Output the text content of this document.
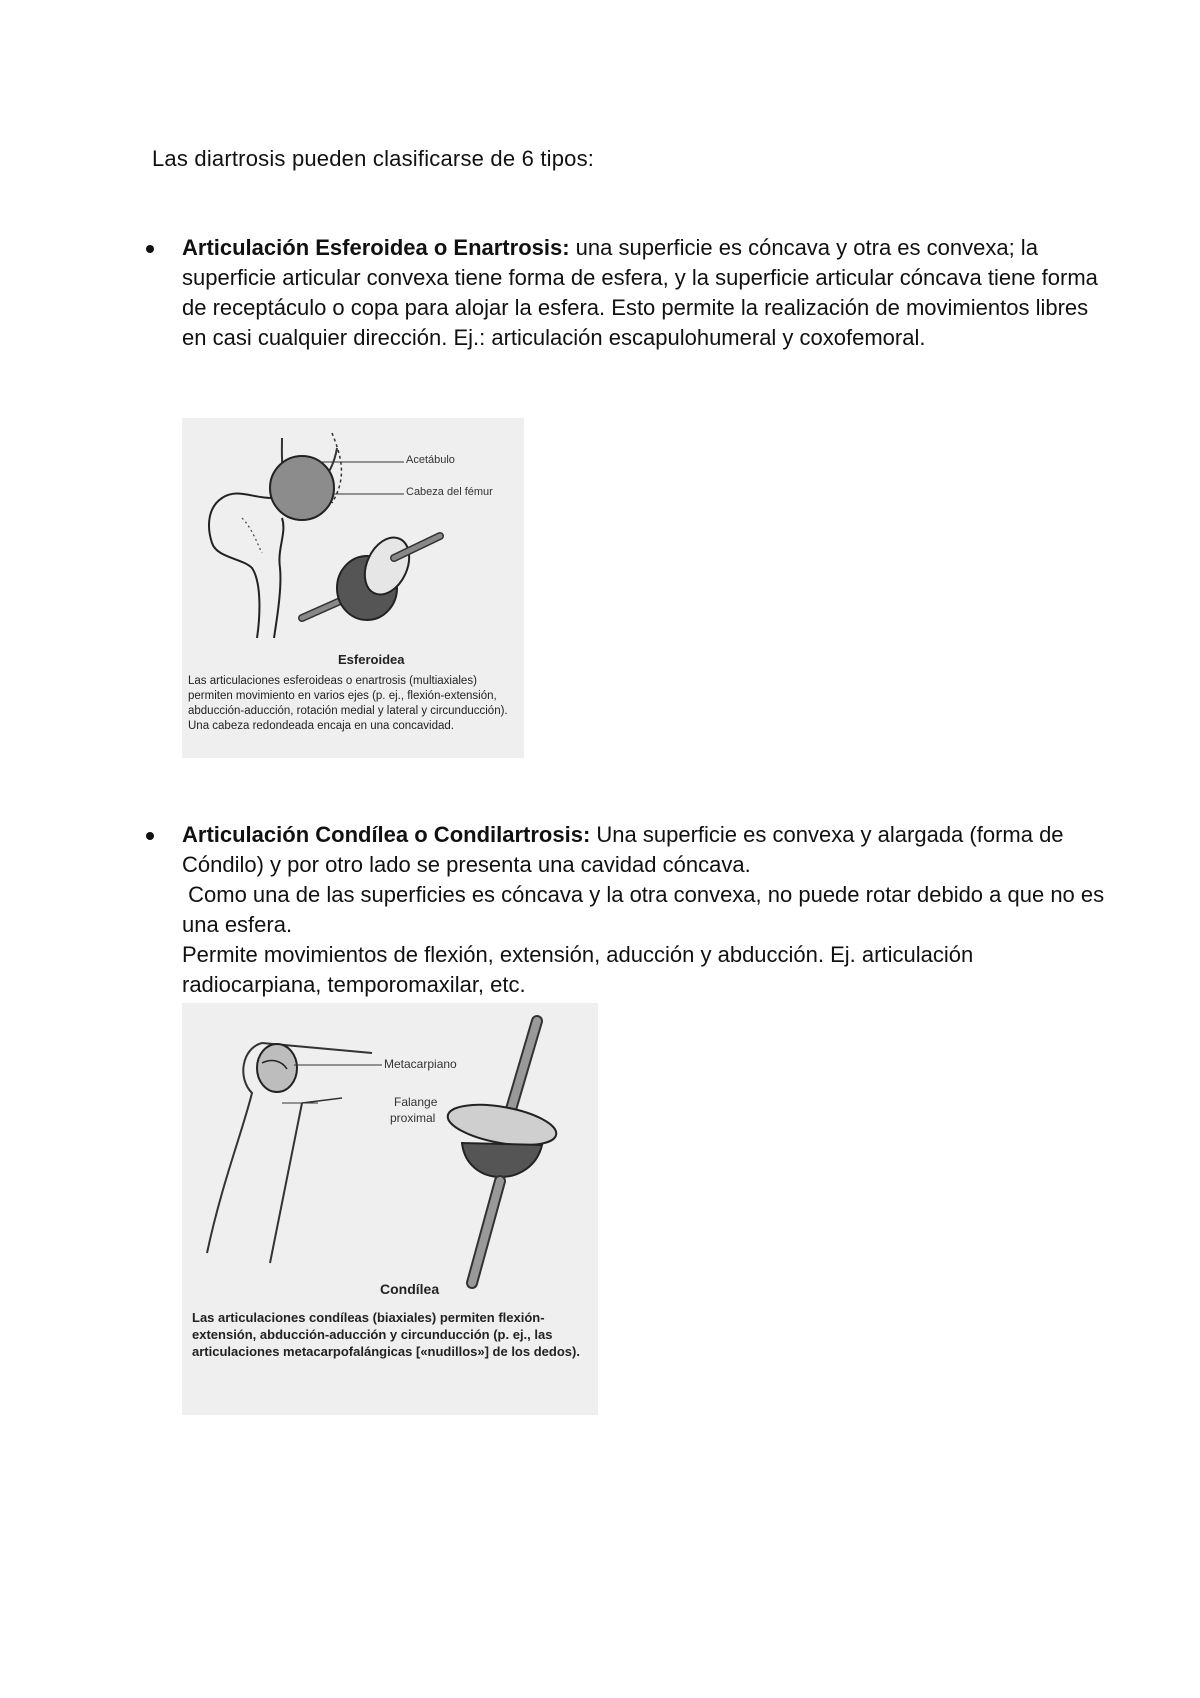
Las diartrosis pueden clasificarse de 6 tipos:

Articulación Esferoidea o Enartrosis: una superficie es cóncava y otra es convexa; la superficie articular convexa tiene forma de esfera, y la superficie articular cóncava tiene forma de receptáculo o copa para alojar la esfera. Esto permite la realización de movimientos libres en casi cualquier dirección. Ej.: articulación escapulohumeral y coxofemoral.

Acetábulo
Cabeza del fémur
Esferoidea
Las articulaciones esferoideas o enartrosis (multiaxiales) permiten movimiento en varios ejes (p. ej., flexión-extensión, abducción-aducción, rotación medial y lateral y circunducción). Una cabeza redondeada encaja en una concavidad.

Articulación Condílea o Condilartrosis: Una superficie es convexa y alargada (forma de Cóndilo) y por otro lado se presenta una cavidad cóncava.

Como una de las superficies es cóncava y la otra convexa, no puede rotar debido a que no es una esfera.

Permite movimientos de flexión, extensión, aducción y abducción. Ej. articulación radiocarpiana, temporomaxilar, etc.

Metacarpiano
Falange
proximal
Condílea
Las articulaciones condíleas (biaxiales) permiten flexión-extensión, abducción-aducción y circunducción (p. ej., las articulaciones metacarpofalángicas [«nudillos»] de los dedos).
